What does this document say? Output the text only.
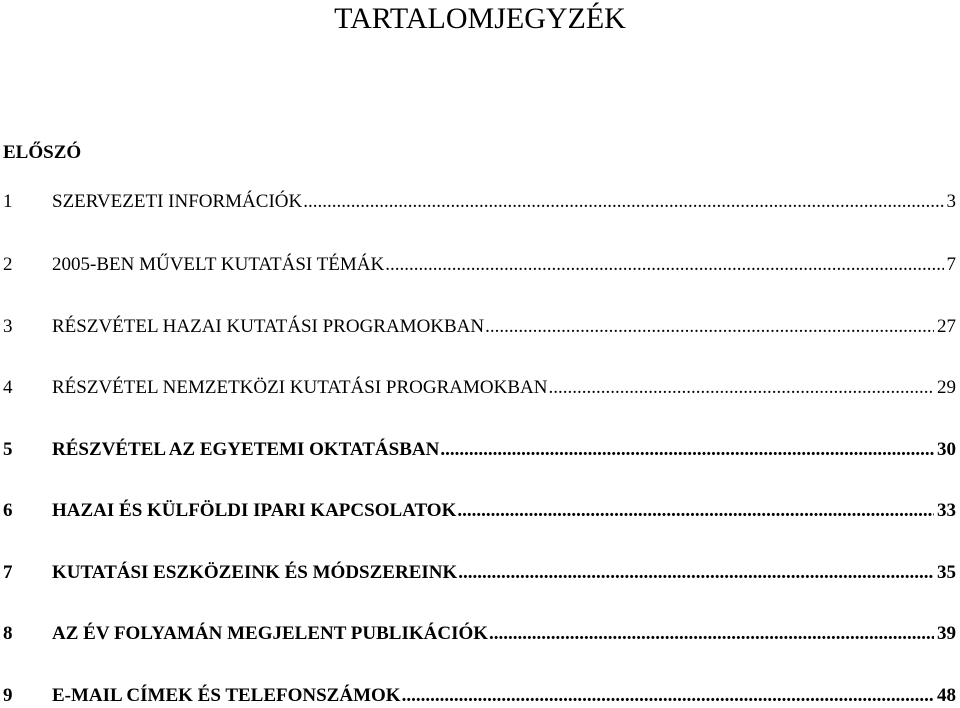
TARTALOMJEGYZÉK
ELŐSZÓ
1	SZERVEZETI INFORMÁCIÓK .....	3
2	2005-BEN MŰVELT KUTATÁSI TÉMÁK .....	7
3	RÉSZVÉTEL HAZAI KUTATÁSI PROGRAMOKBAN .....	27
4	RÉSZVÉTEL NEMZETKÖZI KUTATÁSI PROGRAMOKBAN .....	29
5	RÉSZVÉTEL AZ EGYETEMI OKTATÁSBAN .....	30
6	HAZAI ÉS KÜLFÖLDI IPARI KAPCSOLATOK .....	33
7	KUTATÁSI ESZKÖZEINK ÉS MÓDSZEREINK .....	35
8	AZ ÉV FOLYAMÁN MEGJELENT PUBLIKÁCIÓK .....	39
9	E-MAIL CÍMEK ÉS TELEFONSZÁMOK .....	48
